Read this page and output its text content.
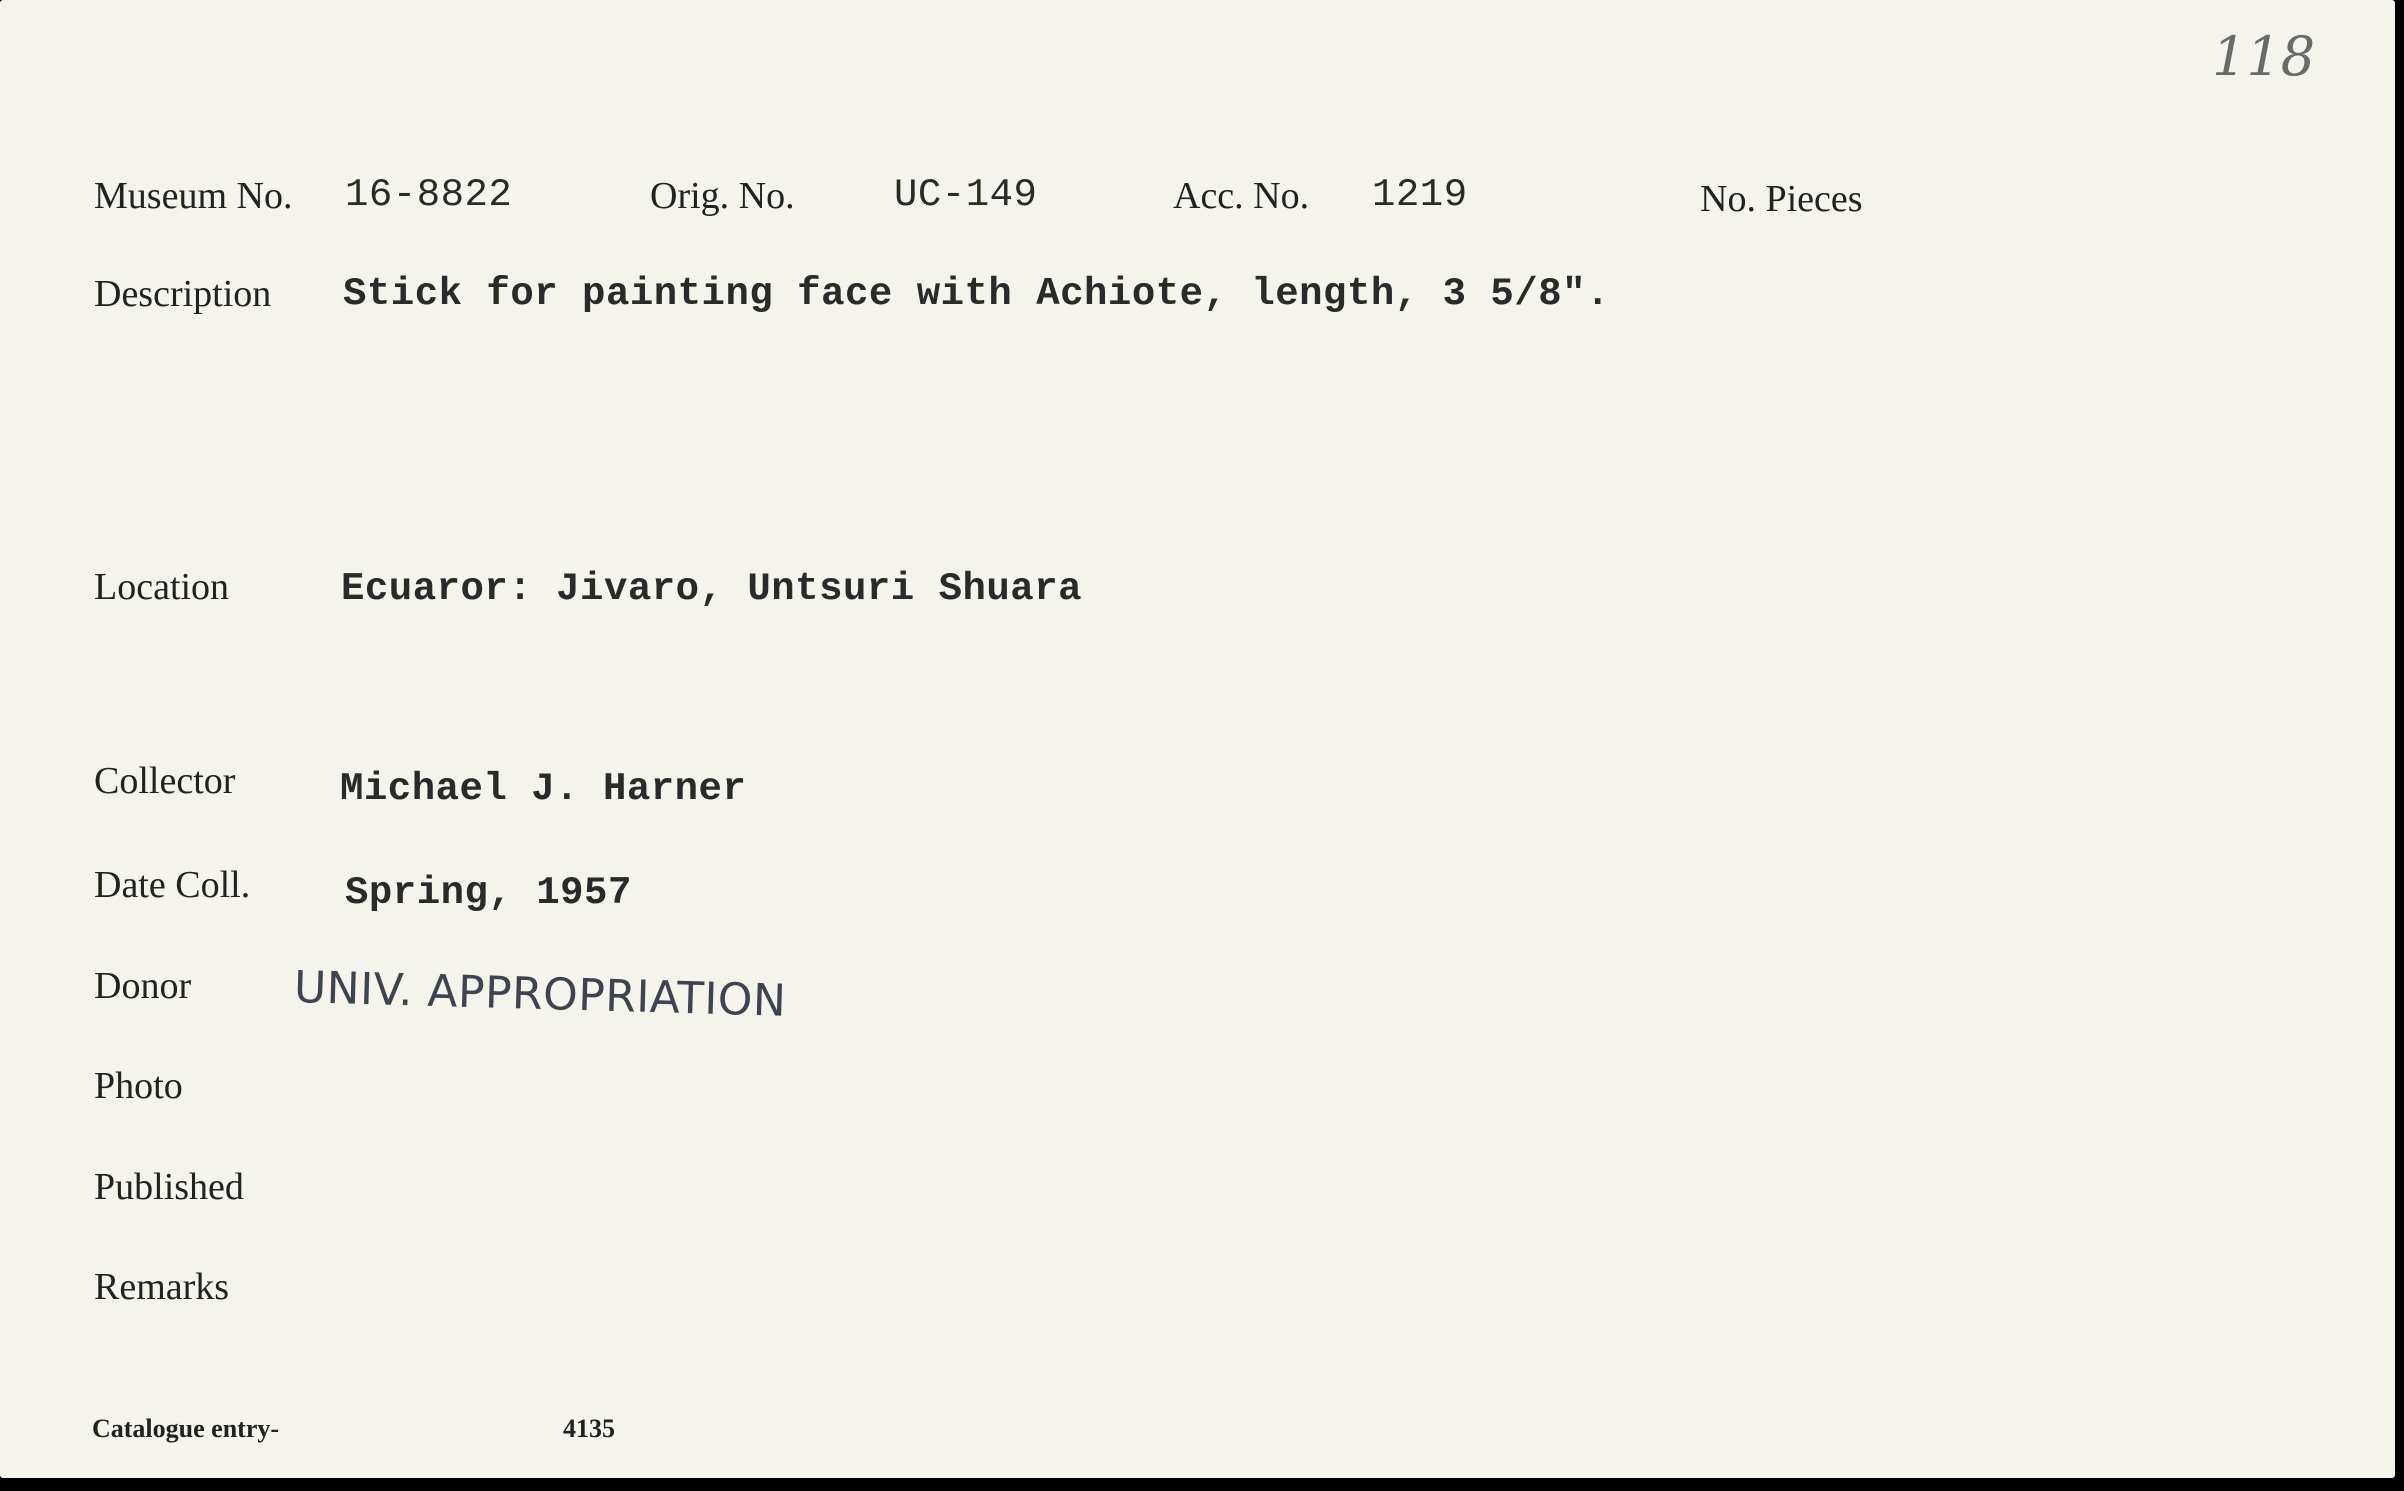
118
Museum No. 16-8822	Orig. No.	UC-149	Acc. No. 1219	No. Pieces
Description Stick for painting face with Achiote, length, 3 5/8".
Location	Ecuaror: Jivaro, Untsuri Shuara
Collector	Michael J. Harner
Date Coll. Spring, 1957
Donor UNIV. APPROPRIATION
Photo
Published
Remarks
Catalogue entry-	4135
